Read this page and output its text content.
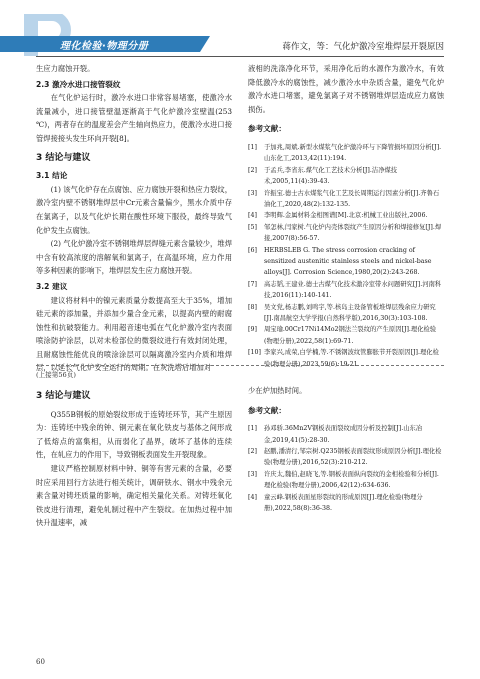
理化检验·物理分册	蒋作文，等：气化炉激冷室堆焊层开裂原因

生应力腐蚀开裂。

2.3 激冷水进口接管裂纹

在气化炉运行时，激冷水进口非常容易堵塞，使激冷水流量减小，进口接管壁温逐渐高于气化炉激冷室壁温(253 ℃)，两者存在的温度差会产生轴向热应力，使激冷水进口接管焊接接头发生环向开裂[8]。

3 结论与建议
3.1 结论

(1) 该气化炉存在点腐蚀、应力腐蚀开裂和热应力裂纹，激冷室内壁不锈钢堆焊层中Cr元素含量偏少，黑水介质中存在氯离子，以及气化炉长期在酸性环境下服役，最终导致气化炉发生点腐蚀。

(2) 气化炉激冷室不锈钢堆焊层焊缝元素含量较少，堆焊中含有较高浓度的溶解氧和氯离子，在高温环境，应力作用等多种因素的影响下，堆焊层发生应力腐蚀开裂。

3.2 建议

建议将材料中的镍元素质量分数提高至大于35%，增加硅元素的添加量，并添加少量合金元素，以提高内壁的耐腐蚀性和抗破裂能力。利用超音速电弧在气化炉激冷室内表面喷涂防护涂层，以对未检部位的微裂纹进行有效封闭处理，且耐腐蚀性能优良的喷涂涂层可以隔离激冷室内介质和堆焊层，以延长气化炉安全运行的周期。在灰洗塔后增加对

液相的洗涤净化环节，采用净化后的水源作为激冷水，有效降低激冷水的腐蚀性，减少激冷水中杂质含量，避免气化炉激冷水进口堵塞，避免氯离子对不锈钢堆焊层造成应力腐蚀损伤。

参考文献：
[1]	于加兆,周斌.新型水煤浆气化炉激冷环与下降管损坏原因分析[J].山东化工,2013,42(11):194.
[2]	于孟兵,李省东.煤气化工艺技术分析[J].洁净煤技术,2005,11(4):39-43.
[3]	许振宝.德士古水煤浆气化工艺及长周期运行因素分析[J].齐鲁石油化工,2020,48(2):132-135.
[4]	李明辉.金属材料金相图谱[M].北京:机械工业出版社,2006.
[5]	邹怎林,闫家树.气化炉内壳体裂纹产生原因分析和焊接修复[J].焊接,2007(8):56-57.
[6]	HERBSLEB G. The stress corrosion cracking of sensitized austenitic stainless steels and nickel-base alloys[J]. Corrosion Science,1980,20(2):243-268.
[7]	高志韬,王建业.德士古煤气化技术激冷室带水问题研究[J].河南科技,2016(11):140-141.
[8]	吴文党,杨志鹏,刘鸣宇,等.核岛主设备管板堆焊层残余应力研究[J].南昌航空大学学报(自然科学版),2016,30(3):103-108.
[9]	周宝瑜.00Cr17Ni14Mo2钢法兰裂纹的产生原因[J].理化检验(物理分册),2022,58(1):69-71.
[10] 李家兴,成荣,白学楠,等.不锈钢波纹管膨胀节开裂原因[J].理化检验(物理分册),2023,59(6):19-21.
(上接第56页)
3 结论与建议

Q355B钢板的原始裂纹形成于连铸坯环节，其产生原因为：连铸坯中残余的钟、铜元素在氧化铁皮与基体之间形成了低熔点的富集相，从而弱化了晶界，破坏了基体的连续性，在轧应力的作用下，导致钢板表面发生开裂现象。

建议严格控制原材料中钟、铜等有害元素的含量，必要时应采用回行方法进行相关统计，调研铁水、钢水中残余元素含量对铸坯质量的影响，确定相关量化关系。对铸坯氧化铁皮进行清理，避免轧制过程中产生裂纹。在加热过程中加快升温速率，减

少在炉加热时间。

参考文献：
[1]	孙邓骄.36Mn2V钢板表面裂纹成因分析及控制[J].山东冶金,2019,41(5):28-30.
[2]	赵鹏,潘清行,邹宗树.Q235钢板表面裂纹形成原因分析[J].理化检验(物理分册),2016,52(3):210-212.
[3]	许庆太,魏伯,赵晓飞,等.钢板表面纵向裂纹的金相检验和分析[J].理化检验(物理分册),2006,42(12):634-636.
[4]	童云峰.钢板表面星形裂纹的形成原因[J].理化检验(物理分册),2022,58(8):36-38.
60
